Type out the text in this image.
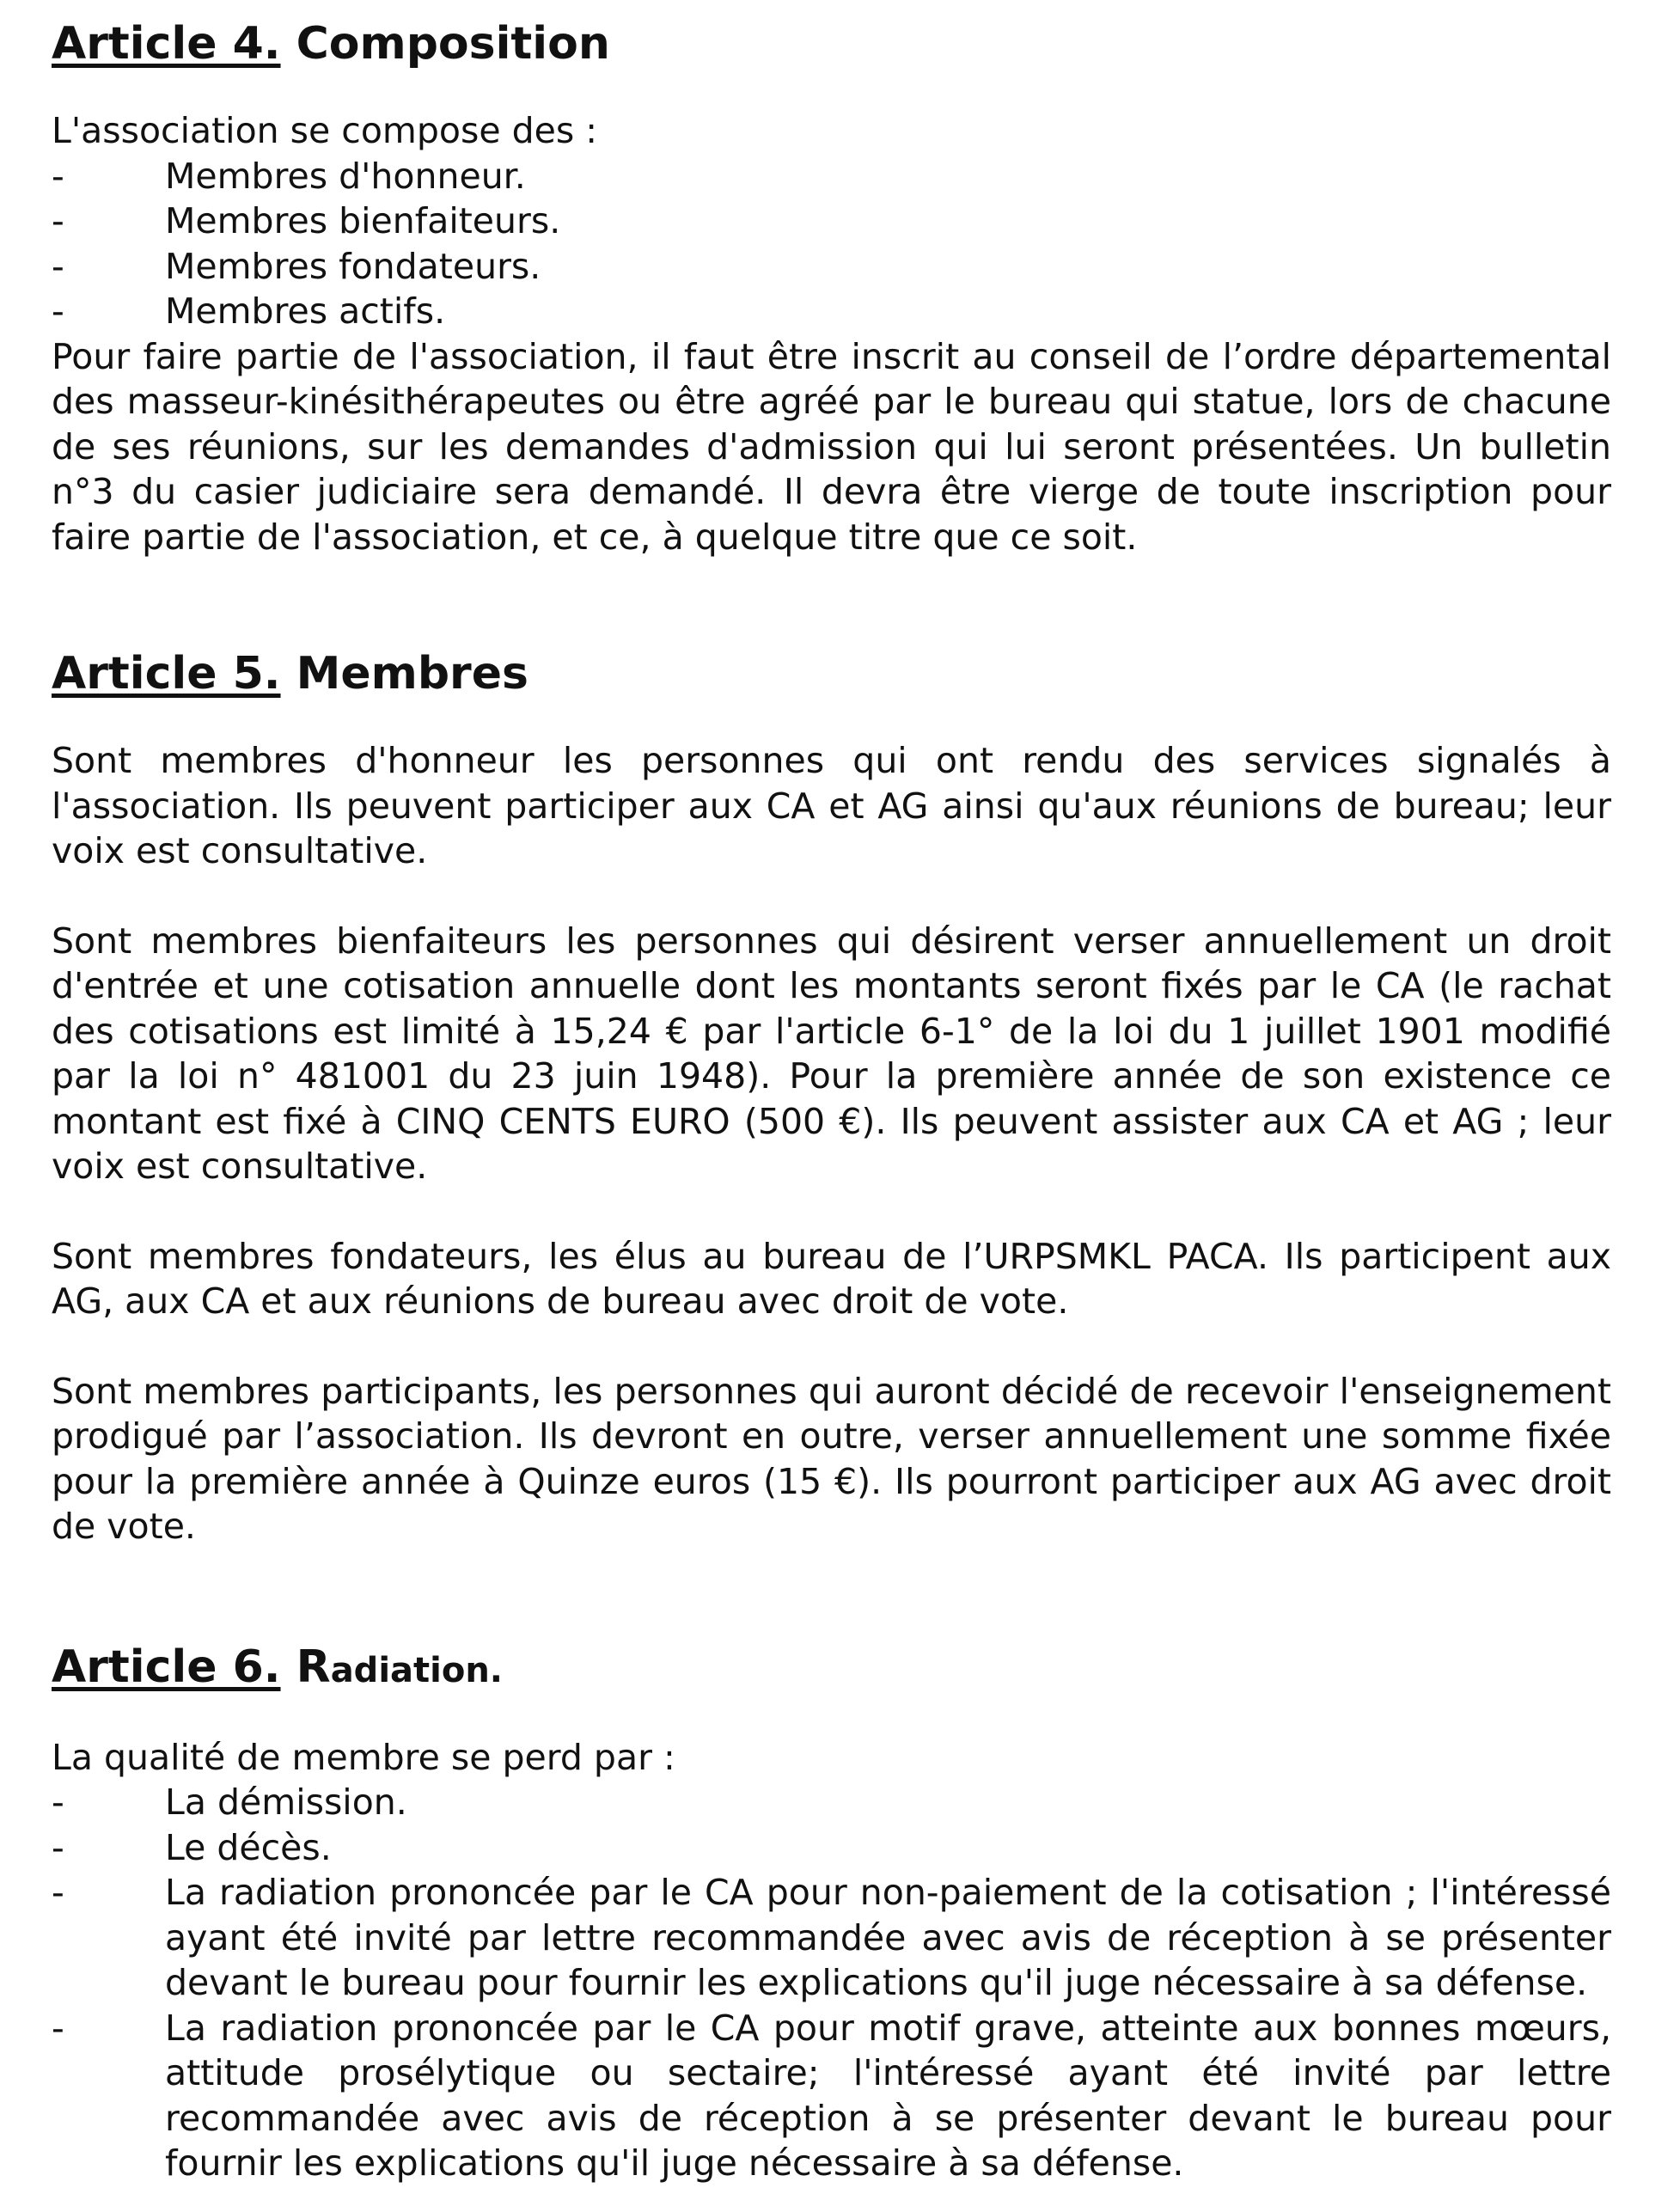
Article 4. Composition

L'association se compose des :

-	Membres d'honneur.
-	Membres bienfaiteurs.
-	Membres fondateurs.
-	Membres actifs.

Pour faire partie de l'association, il faut être inscrit au conseil de l’ordre départemental des masseur-kinésithérapeutes ou être agréé par le bureau qui statue, lors de chacune de ses réunions, sur les demandes d'admission qui lui seront présentées. Un bulletin n°3 du casier judiciaire sera demandé. Il devra être vierge de toute inscription pour faire partie de l'association, et ce, à quelque titre que ce soit.

Article 5. Membres

Sont membres d'honneur les personnes qui ont rendu des services signalés à l'association. Ils peuvent participer aux CA et AG ainsi qu'aux réunions de bureau; leur voix est consultative.

Sont membres bienfaiteurs les personnes qui désirent verser annuellement un droit d'entrée et une cotisation annuelle dont les montants seront fixés par le CA (le rachat des cotisations est limité à 15,24 € par l'article 6-1° de la loi du 1 juillet 1901 modifié par la loi n° 481001 du 23 juin 1948). Pour la première année de son existence ce montant est fixé à CINQ CENTS EURO (500 €). Ils peuvent assister aux CA et AG ; leur voix est consultative.

Sont membres fondateurs, les élus au bureau de l’URPSMKL PACA. Ils participent aux AG, aux CA et aux réunions de bureau avec droit de vote.

Sont membres participants, les personnes qui auront décidé de recevoir l'enseignement prodigué par l’association. Ils devront en outre, verser annuellement une somme fixée pour la première année à Quinze euros (15 €). Ils pourront participer aux AG avec droit de vote.

Article 6. Radiation.

La qualité de membre se perd par :

-	La démission.
-	Le décès.
-	La radiation prononcée par le CA pour non-paiement de la cotisation ; l'intéressé ayant été invité par lettre recommandée avec avis de réception à se présenter devant le bureau pour fournir les explications qu'il juge nécessaire à sa défense.
-	La radiation prononcée par le CA pour motif grave, atteinte aux bonnes mœurs, attitude prosélytique ou sectaire; l'intéressé ayant été invité par lettre recommandée avec avis de réception à se présenter devant le bureau pour fournir les explications qu'il juge nécessaire à sa défense.
